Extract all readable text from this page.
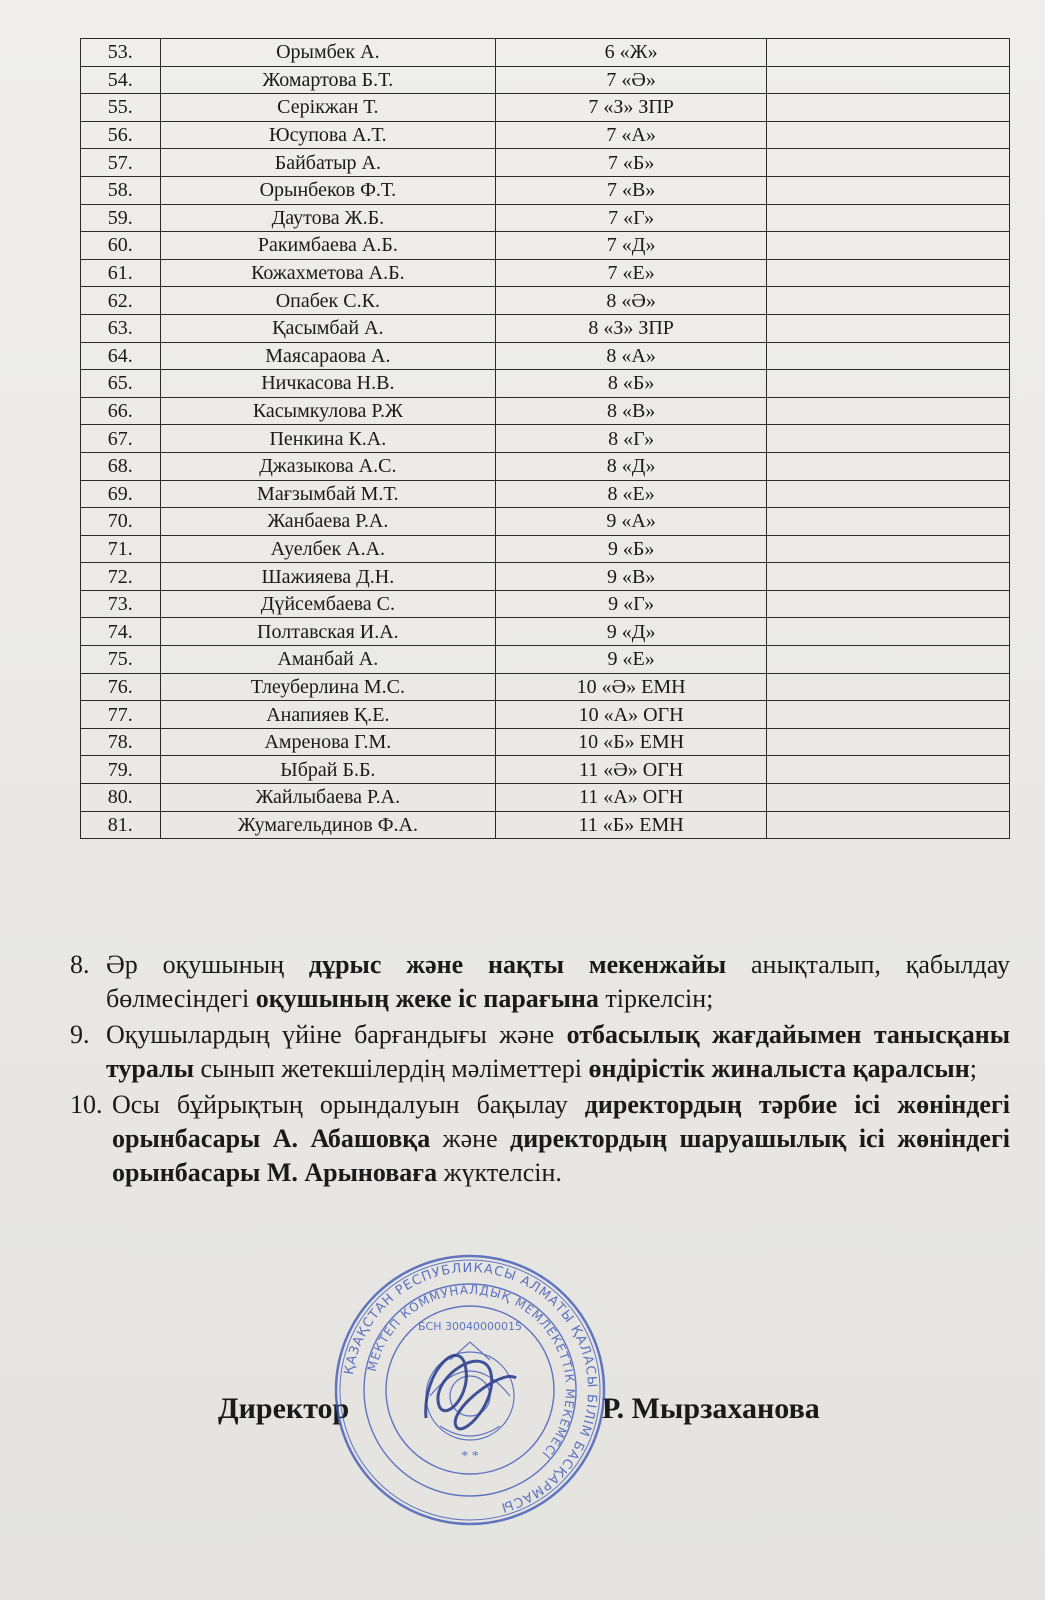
53.	Орымбек А.	6 «Ж»	
54.	Жомартова Б.Т.	7 «Ә»	
55.	Серікжан Т.	7 «З» ЗПР	
56.	Юсупова А.Т.	7 «А»	
57.	Байбатыр А.	7 «Б»	
58.	Орынбеков Ф.Т.	7 «В»	
59.	Даутова Ж.Б.	7 «Г»	
60.	Ракимбаева А.Б.	7 «Д»	
61.	Кожахметова А.Б.	7 «Е»	
62.	Опабек С.К.	8 «Ә»	
63.	Қасымбай А.	8 «З» ЗПР	
64.	Маясараова А.	8 «А»	
65.	Ничкасова Н.В.	8 «Б»	
66.	Касымкулова Р.Ж	8 «В»	
67.	Пенкина К.А.	8 «Г»	
68.	Джазыкова А.С.	8 «Д»	
69.	Мағзымбай М.Т.	8 «Е»	
70.	Жанбаева Р.А.	9 «А»	
71.	Ауелбек А.А.	9 «Б»	
72.	Шажияева Д.Н.	9 «В»	
73.	Дүйсембаева С.	9 «Г»	
74.	Полтавская И.А.	9 «Д»	
75.	Аманбай А.	9 «Е»	
76.	Тлеуберлина М.С.	10 «Ә» ЕМН	
77.	Анапияев Қ.Е.	10 «А» ОГН	
78.	Амренова Г.М.	10 «Б» ЕМН	
79.	Ыбрай Б.Б.	11 «Ә» ОГН	
80.	Жайлыбаева Р.А.	11 «А» ОГН	
81.	Жумагельдинов Ф.А.	11 «Б» ЕМН	
8. Әр оқушының дұрыс және нақты мекенжайы анықталып, қабылдау бөлмесіндегі оқушының жеке іс парағына тіркелсін;
9. Оқушылардың үйіне барғандығы және отбасылық жағдайымен танысқаны туралы сынып жетекшілердің мәліметтері өндірістік жиналыста қаралсын;
10. Осы бұйрықтың орындалуын бақылау директордың тәрбие ісі жөніндегі орынбасары А. Абашовқа және директордың шаруашылық ісі жөніндегі орынбасары М. Арыноваға жүктелсін.
Директор	Р. Мырзаханова
ҚАЗАҚСТАН РЕСПУБЛИКАСЫ АЛМАТЫ ҚАЛАСЫ БІЛІМ БАСҚАРМАСЫ
МЕКТЕП КОММУНАЛДЫҚ МЕМЛЕКЕТТІК МЕКЕМЕСІ
БСН 30040000015
* *
